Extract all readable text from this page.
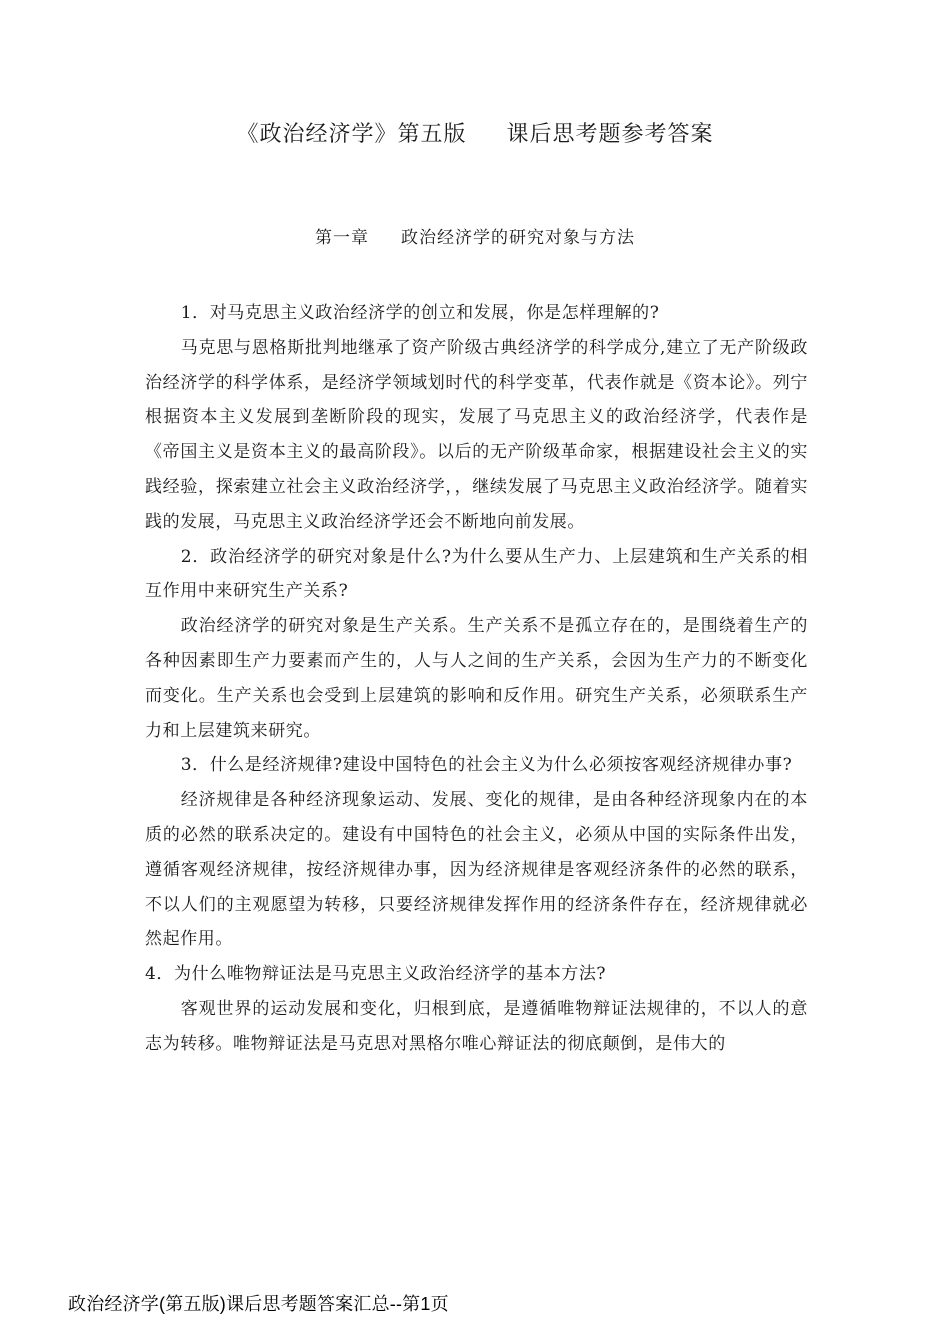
《政治经济学》第五版     课后思考题参考答案
第一章     政治经济学的研究对象与方法

1．对马克思主义政治经济学的创立和发展，你是怎样理解的?

马克思与恩格斯批判地继承了资产阶级古典经济学的科学成分,建立了无产阶级政治经济学的科学体系，是经济学领域划时代的科学变革，代表作就是《资本论》。列宁根据资本主义发展到垄断阶段的现实，发展了马克思主义的政治经济学，代表作是《帝国主义是资本主义的最高阶段》。以后的无产阶级革命家，根据建设社会主义的实践经验，探索建立社会主义政治经济学，，继续发展了马克思主义政治经济学。随着实践的发展，马克思主义政治经济学还会不断地向前发展。

2．政治经济学的研究对象是什么?为什么要从生产力、上层建筑和生产关系的相互作用中来研究生产关系?

政治经济学的研究对象是生产关系。生产关系不是孤立存在的，是围绕着生产的各种因素即生产力要素而产生的，人与人之间的生产关系，会因为生产力的不断变化而变化。生产关系也会受到上层建筑的影响和反作用。研究生产关系，必须联系生产力和上层建筑来研究。

3．什么是经济规律?建设中国特色的社会主义为什么必须按客观经济规律办事?

经济规律是各种经济现象运动、发展、变化的规律，是由各种经济现象内在的本质的必然的联系决定的。建设有中国特色的社会主义，必须从中国的实际条件出发，遵循客观经济规律，按经济规律办事，因为经济规律是客观经济条件的必然的联系，不以人们的主观愿望为转移，只要经济规律发挥作用的经济条件存在，经济规律就必然起作用。

4．为什么唯物辩证法是马克思主义政治经济学的基本方法?

客观世界的运动发展和变化，归根到底，是遵循唯物辩证法规律的，不以人的意志为转移。唯物辩证法是马克思对黑格尔唯心辩证法的彻底颠倒，是伟大的

政治经济学(第五版)课后思考题答案汇总--第1页
